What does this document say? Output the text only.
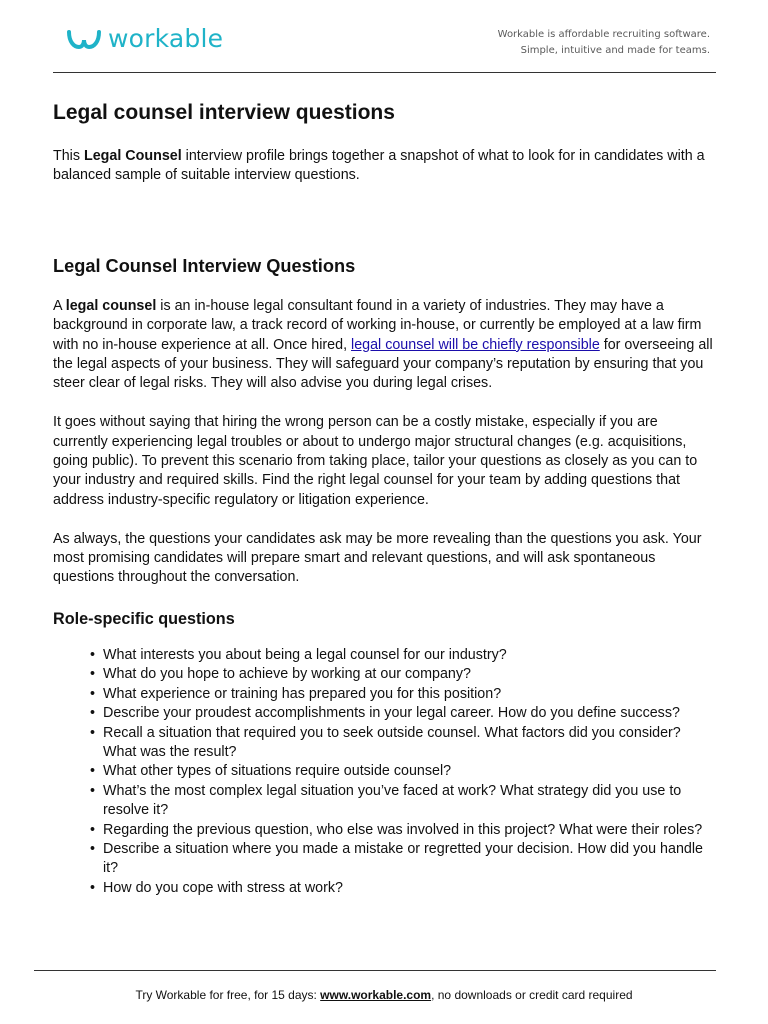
workable	Workable is affordable recruiting software.
Simple, intuitive and made for teams.
Legal counsel interview questions

This Legal Counsel interview profile brings together a snapshot of what to look for in candidates with a balanced sample of suitable interview questions.

Legal Counsel Interview Questions

A legal counsel is an in-house legal consultant found in a variety of industries. They may have a background in corporate law, a track record of working in-house, or currently be employed at a law firm with no in-house experience at all. Once hired, legal counsel will be chiefly responsible for overseeing all the legal aspects of your business. They will safeguard your company’s reputation by ensuring that you steer clear of legal risks. They will also advise you during legal crises.

It goes without saying that hiring the wrong person can be a costly mistake, especially if you are currently experiencing legal troubles or about to undergo major structural changes (e.g. acquisitions, going public). To prevent this scenario from taking place, tailor your questions as closely as you can to your industry and required skills. Find the right legal counsel for your team by adding questions that address industry-specific regulatory or litigation experience.

As always, the questions your candidates ask may be more revealing than the questions you ask. Your most promising candidates will prepare smart and relevant questions, and will ask spontaneous questions throughout the conversation.

Role-specific questions
• What interests you about being a legal counsel for our industry?
• What do you hope to achieve by working at our company?
• What experience or training has prepared you for this position?
• Describe your proudest accomplishments in your legal career. How do you define success?
• Recall a situation that required you to seek outside counsel. What factors did you consider? What was the result?
• What other types of situations require outside counsel?
• What’s the most complex legal situation you’ve faced at work? What strategy did you use to resolve it?
• Regarding the previous question, who else was involved in this project? What were their roles?
• Describe a situation where you made a mistake or regretted your decision. How did you handle it?
• How do you cope with stress at work?
Try Workable for free, for 15 days: www.workable.com, no downloads or credit card required
